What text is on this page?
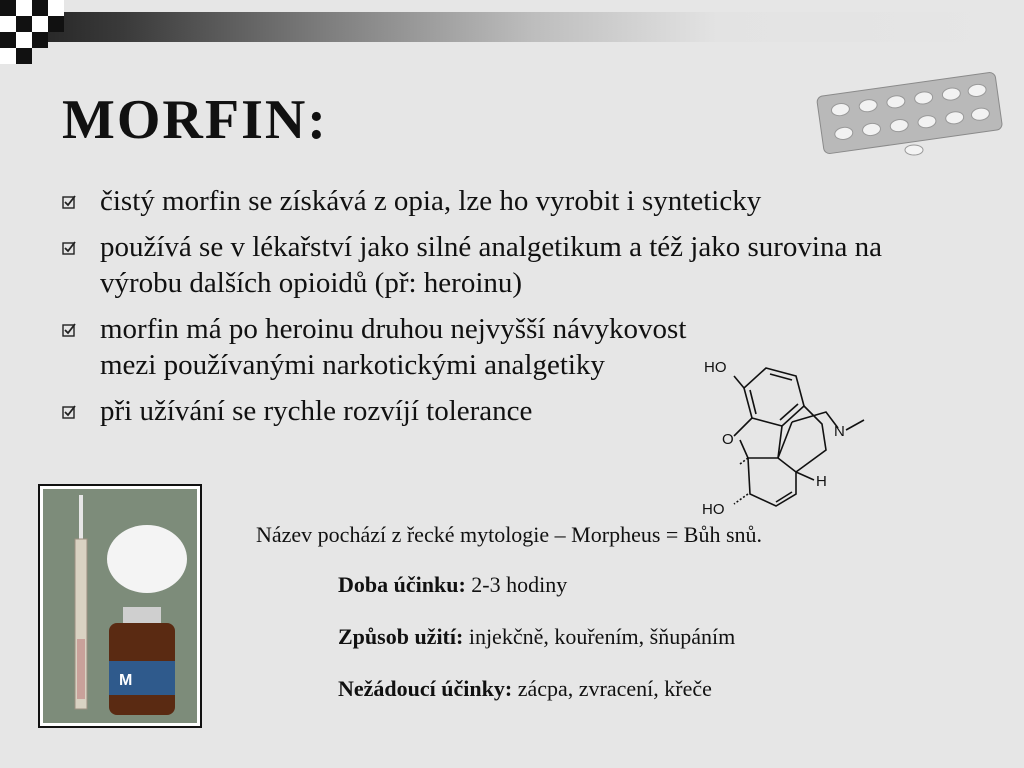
MORFIN:
čistý morfin se získává z opia, lze ho vyrobit i synteticky
používá se v lékařství jako silné analgetikum a též jako surovina na výrobu dalších opioidů (př: heroinu)
morfin má po heroinu druhou nejvyšší návykovost mezi používanými narkotickými analgetiky
při užívání se rychle rozvíjí tolerance
HO
O	N
H
HO
M

Název pochází z řecké mytologie – Morpheus = Bůh snů.

Doba účinku: 2-3 hodiny
Způsob užití: injekčně, kouřením, šňupáním
Nežádoucí účinky: zácpa, zvracení, křeče
